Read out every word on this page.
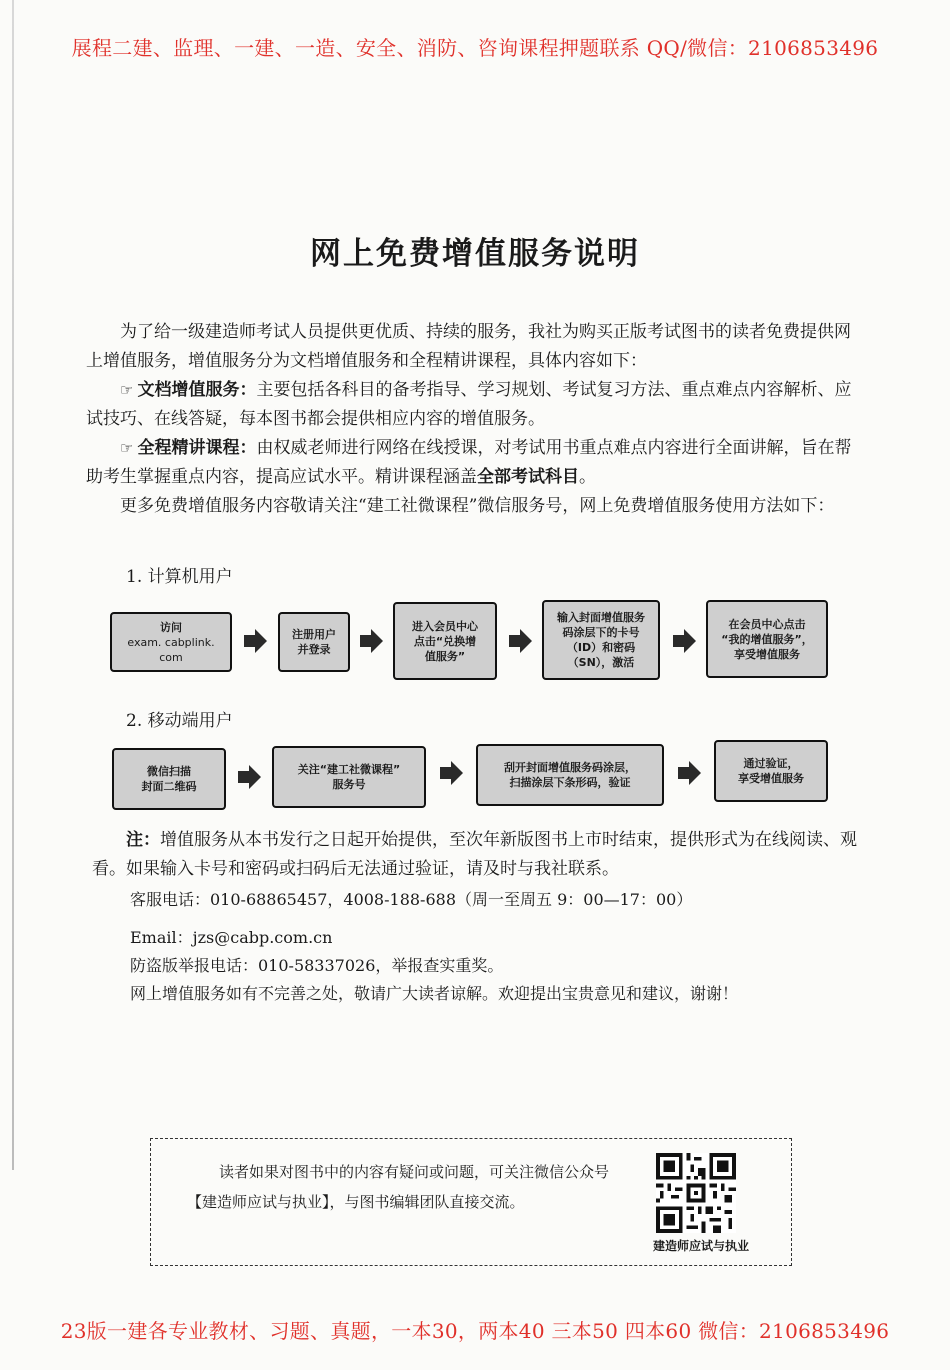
展程二建、监理、一建、一造、安全、消防、咨询课程押题联系 QQ/微信：2106853496
网上免费增值服务说明
为了给一级建造师考试人员提供更优质、持续的服务，我社为购买正版考试图书的读者免费提供网上增值服务，增值服务分为文档增值服务和全程精讲课程，具体内容如下：
☞ 文档增值服务：主要包括各科目的备考指导、学习规划、考试复习方法、重点难点内容解析、应试技巧、在线答疑，每本图书都会提供相应内容的增值服务。
☞ 全程精讲课程：由权威老师进行网络在线授课，对考试用书重点难点内容进行全面讲解，旨在帮助考生掌握重点内容，提高应试水平。精讲课程涵盖全部考试科目。
更多免费增值服务内容敬请关注“建工社微课程”微信服务号，网上免费增值服务使用方法如下：
1. 计算机用户
访问
exam. cabplink. com
注册用户
并登录
进入会员中心
点击“兑换增
值服务”
输入封面增值服务
码涂层下的卡号
（ID）和密码
（SN），激活
在会员中心点击
“我的增值服务”，
享受增值服务
2. 移动端用户
微信扫描
封面二维码
关注“建工社微课程”
服务号
刮开封面增值服务码涂层，
扫描涂层下条形码，验证
通过验证，
享受增值服务
注：增值服务从本书发行之日起开始提供，至次年新版图书上市时结束，提供形式为在线阅读、观看。如果输入卡号和密码或扫码后无法通过验证，请及时与我社联系。
客服电话：010-68865457，4008-188-688（周一至周五 9：00—17：00）
Email：jzs@cabp.com.cn
防盗版举报电话：010-58337026，举报查实重奖。
网上增值服务如有不完善之处，敬请广大读者谅解。欢迎提出宝贵意见和建议，谢谢！
读者如果对图书中的内容有疑问或问题，可关注微信公众号【建造师应试与执业】，与图书编辑团队直接交流。
建造师应试与执业
23版一建各专业教材、习题、真题，一本30，两本40 三本50 四本60 微信：2106853496
